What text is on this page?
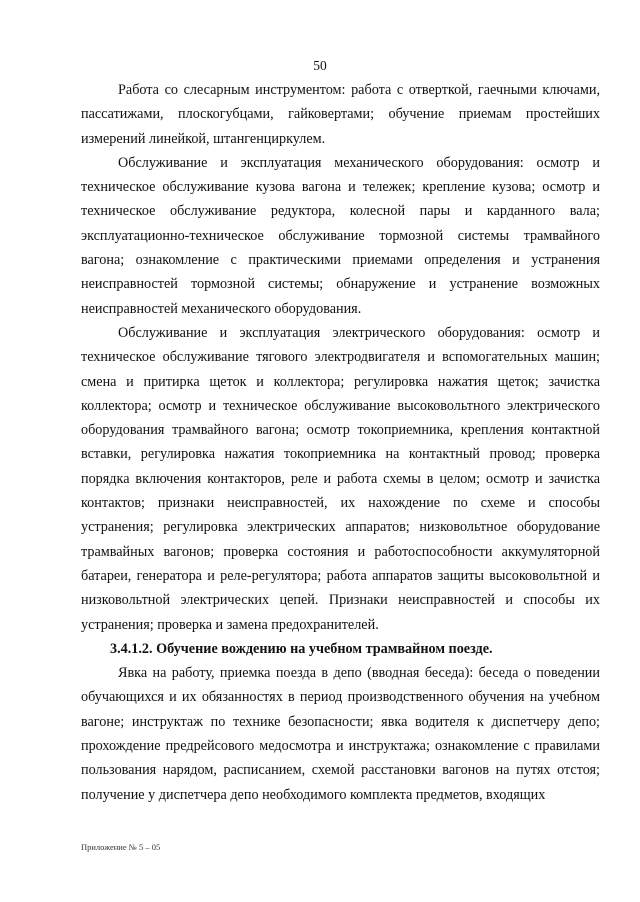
50

Работа со слесарным инструментом: работа с отверткой, гаечными ключами, пассатижами, плоскогубцами, гайковертами; обучение приемам простейших измерений линейкой, штангенциркулем.

Обслуживание и эксплуатация механического оборудования: осмотр и техническое обслуживание кузова вагона и тележек; крепление кузова; осмотр и техническое обслуживание редуктора, колесной пары и карданного вала; эксплуатационно-техническое обслуживание тормозной системы трамвайного вагона; ознакомление с практическими приемами определения и устранения неисправностей тормозной системы; обнаружение и устранение возможных неисправностей механического оборудования.

Обслуживание и эксплуатация электрического оборудования: осмотр и техническое обслуживание тягового электродвигателя и вспомогательных машин; смена и притирка щеток и коллектора; регулировка нажатия щеток; зачистка коллектора; осмотр и техническое обслуживание высоковольтного электрического оборудования трамвайного вагона; осмотр токоприемника, крепления контактной вставки, регулировка нажатия токоприемника на контактный провод; проверка порядка включения контакторов, реле и работа схемы в целом; осмотр и зачистка контактов; признаки неисправностей, их нахождение по схеме и способы устранения; регулировка электрических аппаратов; низковольтное оборудование трамвайных вагонов; проверка состояния и работоспособности аккумуляторной батареи, генератора и реле-регулятора; работа аппаратов защиты высоковольтной и низковольтной электрических цепей. Признаки неисправностей и способы их устранения; проверка и замена предохранителей.

3.4.1.2. Обучение вождению на учебном трамвайном поезде.

Явка на работу, приемка поезда в депо (вводная беседа): беседа о поведении обучающихся и их обязанностях в период производственного обучения на учебном вагоне; инструктаж по технике безопасности; явка водителя к диспетчеру депо; прохождение предрейсового медосмотра и инструктажа; ознакомление с правилами пользования нарядом, расписанием, схемой расстановки вагонов на путях отстоя; получение у диспетчера депо необходимого комплекта предметов, входящих

Приложение № 5 – 05
